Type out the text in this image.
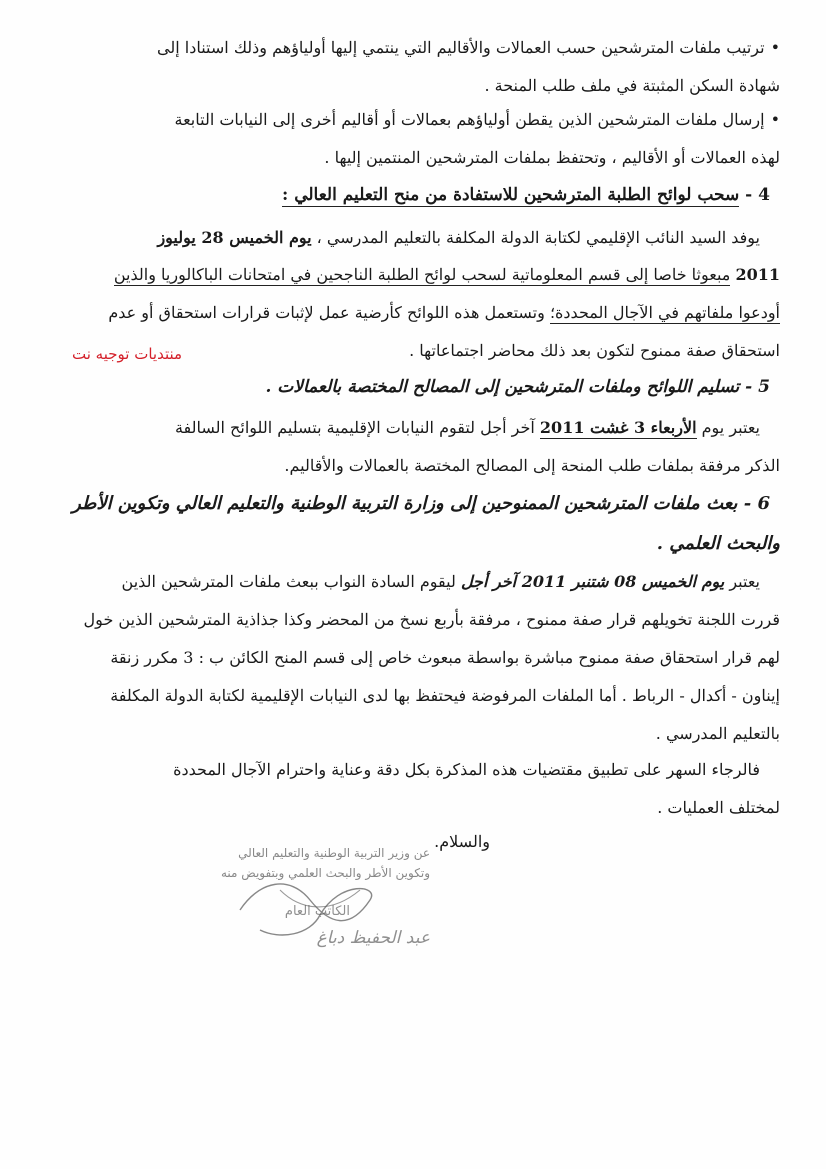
• ترتيب ملفات المترشحين حسب العمالات والأقاليم التي ينتمي إليها أولياؤهم وذلك استنادا إلى
شهادة السكن المثبتة في ملف طلب المنحة .
• إرسال ملفات المترشحين الذين يقطن أولياؤهم بعمالات أو أقاليم أخرى إلى النيابات التابعة
لهذه العمالات أو الأقاليم ، وتحتفظ بملفات المترشحين المنتمين إليها .
4 - سحب لوائح الطلبة المترشحين للاستفادة من منح التعليم العالي :
يوفد السيد النائب الإقليمي لكتابة الدولة المكلفة بالتعليم المدرسي ، يوم الخميس 28 يوليوز
2011 مبعوثا خاصا إلى قسم المعلوماتية لسحب لوائح الطلبة الناجحين في امتحانات الباكالوريا والذين
أودعوا ملفاتهم في الآجال المحددة؛ وتستعمل هذه اللوائح كأرضية عمل لإثبات قرارات استحقاق أو عدم
استحقاق صفة ممنوح لتكون بعد ذلك محاضر اجتماعاتها .
5 - تسليم اللوائح وملفات المترشحين إلى المصالح المختصة بالعمالات .
يعتبر يوم الأربعاء 3 غشت 2011 آخر أجل لتقوم النيابات الإقليمية بتسليم اللوائح السالفة
الذكر مرفقة بملفات طلب المنحة إلى المصالح المختصة بالعمالات والأقاليم.
6 - بعث ملفات المترشحين الممنوحين إلى وزارة التربية الوطنية والتعليم العالي وتكوين الأطر
والبحث العلمي .
يعتبر يوم الخميس 08 شتنبر 2011 آخر أجل ليقوم السادة النواب ببعث ملفات المترشحين الذين
قررت اللجنة تخويلهم قرار صفة ممنوح ، مرفقة بأربع نسخ من المحضر وكذا جذاذية المترشحين الذين خول
لهم قرار استحقاق صفة ممنوح مباشرة بواسطة مبعوث خاص إلى قسم المنح الكائن ب : 3 مكرر زنقة
إيناون - أكدال - الرباط . أما الملفات المرفوضة فيحتفظ بها لدى النيابات الإقليمية لكتابة الدولة المكلفة
بالتعليم المدرسي .
فالرجاء السهر على تطبيق مقتضيات هذه المذكرة بكل دقة وعناية واحترام الآجال المحددة
لمختلف العمليات .
والسلام.
منتديات توجيه نت
عن وزير التربية الوطنية والتعليم العالي
وتكوين الأطر والبحث العلمي وبتفويض منه
الكاتب العام
عبد الحفيظ دباغ
